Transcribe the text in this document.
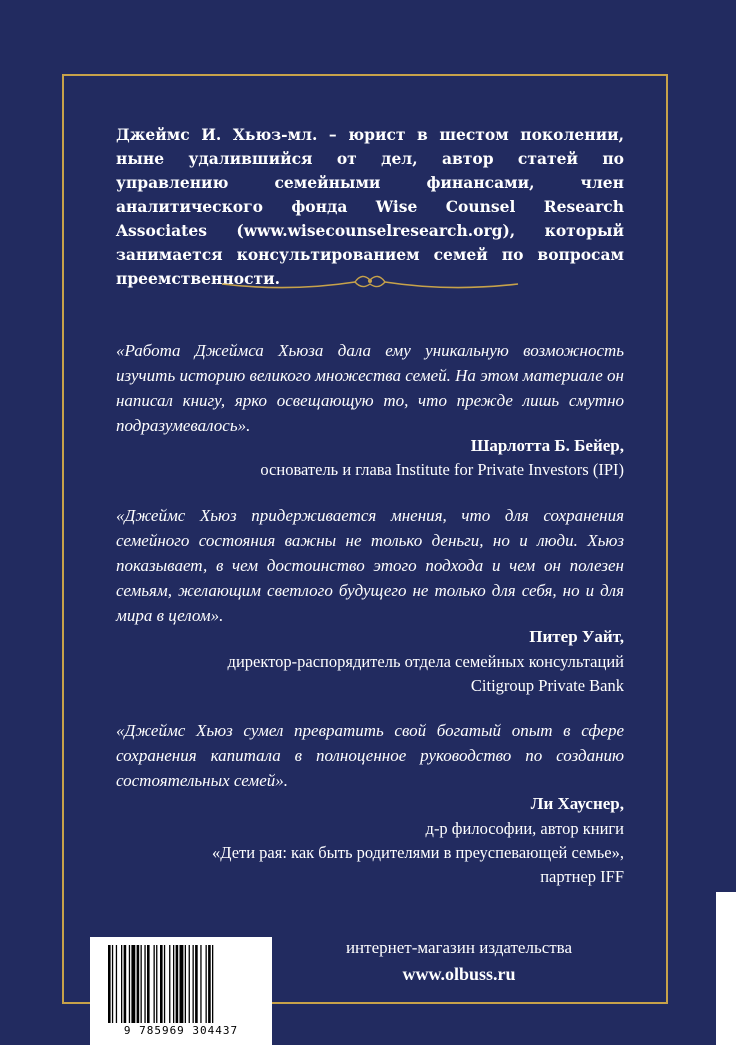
Джеймс И. Хьюз-мл. – юрист в шестом поколении, ныне удалившийся от дел, автор статей по управлению семейными финансами, член аналитического фонда Wise Counsel Research Associates (www.wisecounselresearch.org), который занимается консультированием семей по вопросам преемственности.
«Работа Джеймса Хьюза дала ему уникальную возможность изучить историю великого множества семей. На этом материале он написал книгу, ярко освещающую то, что прежде лишь смутно подразумевалось».
Шарлотта Б. Бейер,
основатель и глава Institute for Private Investors (IPI)
«Джеймс Хьюз придерживается мнения, что для сохранения семейного состояния важны не только деньги, но и люди. Хьюз показывает, в чем достоинство этого подхода и чем он полезен семьям, желающим светлого будущего не только для себя, но и для мира в целом».
Питер Уайт,
директор-распорядитель отдела семейных консультаций
Citigroup Private Bank
«Джеймс Хьюз сумел превратить свой богатый опыт в сфере сохранения капитала в полноценное руководство по созданию состоятельных семей».
Ли Хауснер,
д-р философии, автор книги
«Дети рая: как быть родителями в преуспевающей семье»,
партнер IFF
интернет-магазин издательства
www.olbuss.ru
9 785969 304437
